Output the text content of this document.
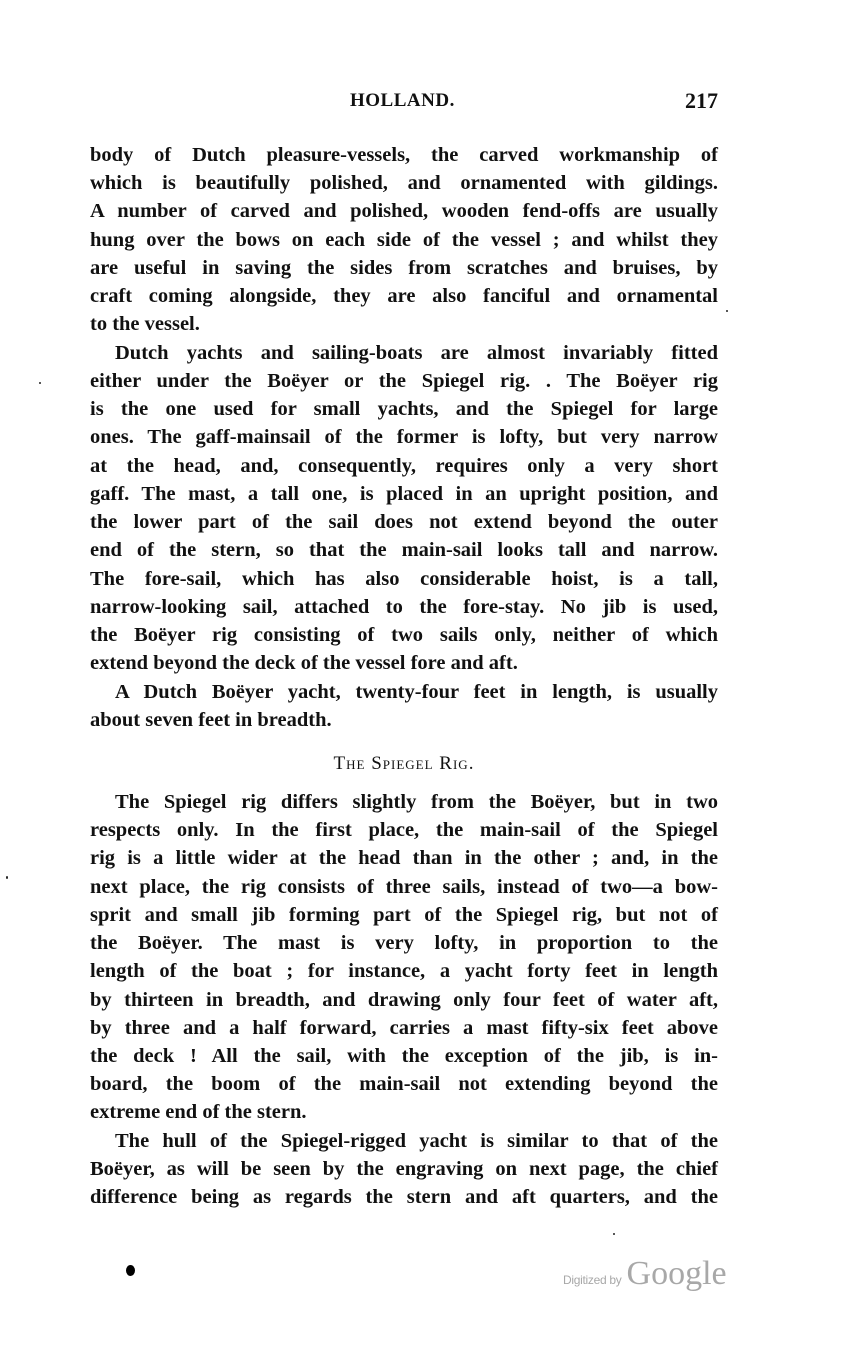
HOLLAND.	217
body of Dutch pleasure-vessels, the carved workmanship of
which is beautifully polished, and ornamented with gildings.
A number of carved and polished, wooden fend-offs are usually
hung over the bows on each side of the vessel ; and whilst they
are useful in saving the sides from scratches and bruises, by
craft coming alongside, they are also fanciful and ornamental
to the vessel.
Dutch yachts and sailing-boats are almost invariably fitted
either under the Boëyer or the Spiegel rig. . The Boëyer rig
is the one used for small yachts, and the Spiegel for large
ones. The gaff-mainsail of the former is lofty, but very narrow
at the head, and, consequently, requires only a very short
gaff. The mast, a tall one, is placed in an upright position, and
the lower part of the sail does not extend beyond the outer
end of the stern, so that the main-sail looks tall and narrow.
The fore-sail, which has also considerable hoist, is a tall,
narrow-looking sail, attached to the fore-stay. No jib is used,
the Boëyer rig consisting of two sails only, neither of which
extend beyond the deck of the vessel fore and aft.
A Dutch Boëyer yacht, twenty-four feet in length, is usually
about seven feet in breadth.
The Spiegel Rig.
The Spiegel rig differs slightly from the Boëyer, but in two
respects only. In the first place, the main-sail of the Spiegel
rig is a little wider at the head than in the other ; and, in the
next place, the rig consists of three sails, instead of two—a bow-
sprit and small jib forming part of the Spiegel rig, but not of
the Boëyer. The mast is very lofty, in proportion to the
length of the boat ; for instance, a yacht forty feet in length
by thirteen in breadth, and drawing only four feet of water aft,
by three and a half forward, carries a mast fifty-six feet above
the deck ! All the sail, with the exception of the jib, is in-
board, the boom of the main-sail not extending beyond the
extreme end of the stern.
The hull of the Spiegel-rigged yacht is similar to that of the
Boëyer, as will be seen by the engraving on next page, the chief
difference being as regards the stern and aft quarters, and the
Digitized by Google
